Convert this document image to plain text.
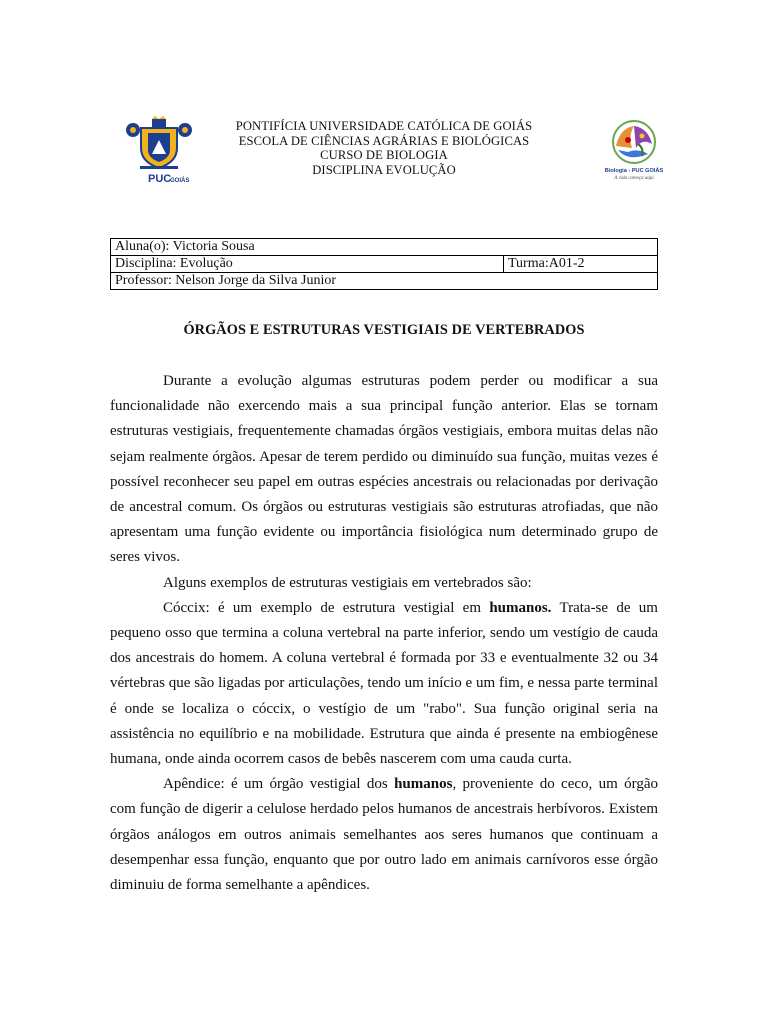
PUC
GOIÁS
PONTIFÍCIA UNIVERSIDADE CATÓLICA DE GOIÁS
ESCOLA DE CIÊNCIAS AGRÁRIAS E BIOLÓGICAS
CURSO DE BIOLOGIA
DISCIPLINA EVOLUÇÃO	Biologia - PUC GOIÁS
A vida começa aqui
Aluna(o): Victoria Sousa
Disciplina: Evolução	Turma:A01-2
Professor: Nelson Jorge da Silva Junior
ÓRGÃOS E ESTRUTURAS VESTIGIAIS DE VERTEBRADOS

Durante a evolução algumas estruturas podem perder ou modificar a sua funcionalidade não exercendo mais a sua principal função anterior. Elas se tornam estruturas vestigiais, frequentemente chamadas órgãos vestigiais, embora muitas delas não sejam realmente órgãos. Apesar de terem perdido ou diminuído sua função, muitas vezes é possível reconhecer seu papel em outras espécies ancestrais ou relacionadas por derivação de ancestral comum. Os órgãos ou estruturas vestigiais são estruturas atrofiadas, que não apresentam uma função evidente ou importância fisiológica num determinado grupo de seres vivos.

Alguns exemplos de estruturas vestigiais em vertebrados são:

Cóccix: é um exemplo de estrutura vestigial em humanos. Trata-se de um pequeno osso que termina a coluna vertebral na parte inferior, sendo um vestígio de cauda dos ancestrais do homem. A coluna vertebral é formada por 33 e eventualmente 32 ou 34 vértebras que são ligadas por articulações, tendo um início e um fim, e nessa parte terminal é onde se localiza o cóccix, o vestígio de um "rabo". Sua função original seria na assistência no equilíbrio e na mobilidade. Estrutura que ainda é presente na embiogênese humana, onde ainda ocorrem casos de bebês nascerem com uma cauda curta.

Apêndice: é um órgão vestigial dos humanos, proveniente do ceco, um órgão com função de digerir a celulose herdado pelos humanos de ancestrais herbívoros. Existem órgãos análogos em outros animais semelhantes aos seres humanos que continuam a desempenhar essa função, enquanto que por outro lado em animais carnívoros esse órgão diminuiu de forma semelhante a apêndices.
